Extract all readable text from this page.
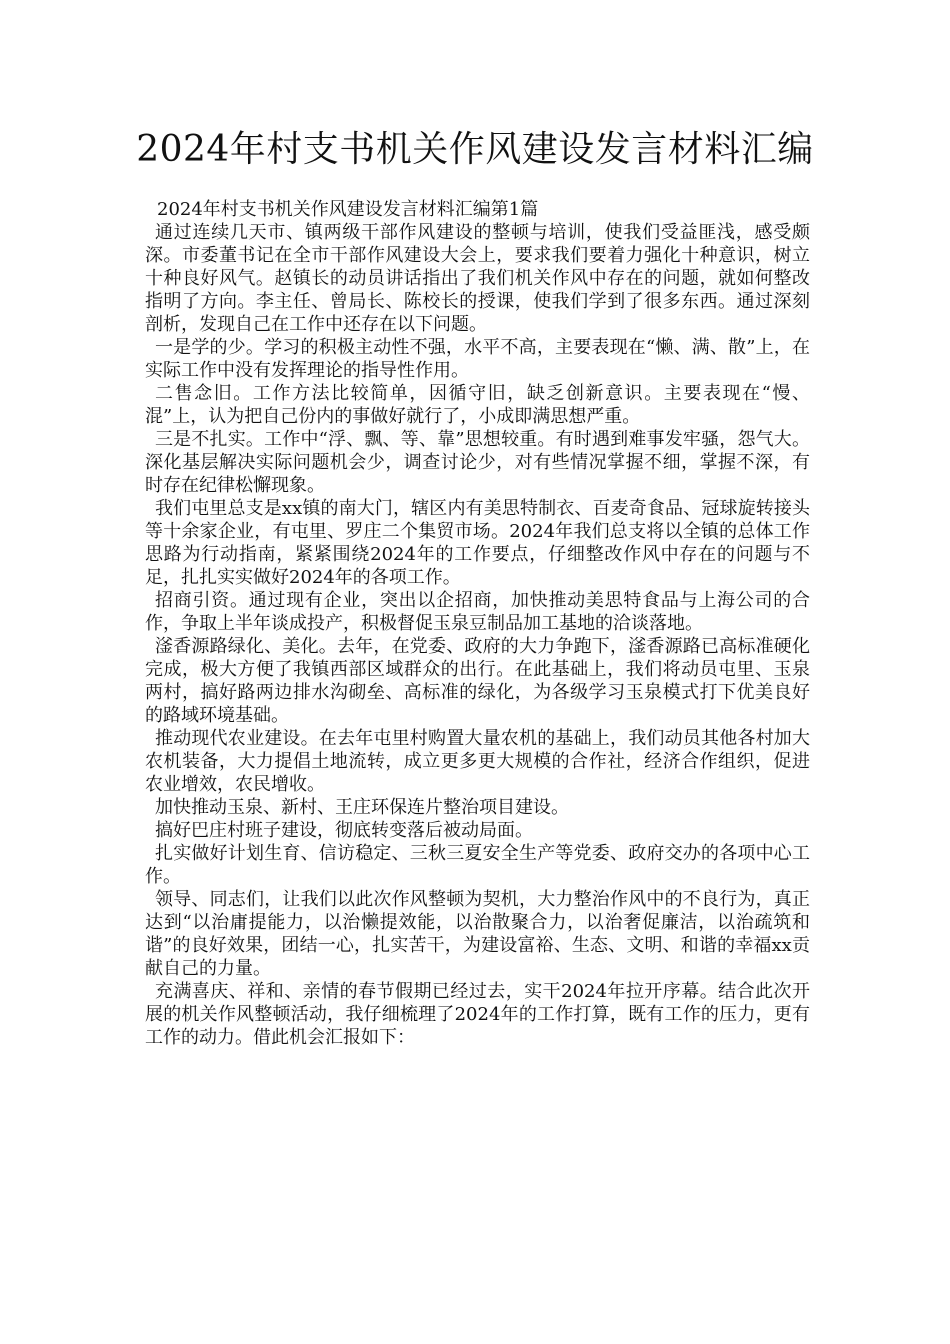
2024年村支书机关作风建设发言材料汇编
2024年村支书机关作风建设发言材料汇编第1篇

通过连续几天市、镇两级干部作风建设的整顿与培训，使我们受益匪浅，感受颇深。市委董书记在全市干部作风建设大会上，要求我们要着力强化十种意识，树立十种良好风气。赵镇长的动员讲话指出了我们机关作风中存在的问题，就如何整改指明了方向。李主任、曾局长、陈校长的授课，使我们学到了很多东西。通过深刻剖析，发现自己在工作中还存在以下问题。

一是学的少。学习的积极主动性不强，水平不高，主要表现在“懒、满、散”上，在实际工作中没有发挥理论的指导性作用。

二售念旧。工作方法比较简单，因循守旧，缺乏创新意识。主要表现在“慢、混”上，认为把自己份内的事做好就行了，小成即满思想严重。

三是不扎实。工作中“浮、飘、等、靠”思想较重。有时遇到难事发牢骚，怨气大。深化基层解决实际问题机会少，调查讨论少，对有些情况掌握不细，掌握不深，有时存在纪律松懈现象。

我们屯里总支是xx镇的南大门，辖区内有美思特制衣、百麦奇食品、冠球旋转接头等十余家企业，有屯里、罗庄二个集贸市场。2024年我们总支将以全镇的总体工作思路为行动指南，紧紧围绕2024年的工作要点，仔细整改作风中存在的问题与不足，扎扎实实做好2024年的各项工作。

招商引资。通过现有企业，突出以企招商，加快推动美思特食品与上海公司的合作，争取上半年谈成投产，积极督促玉泉豆制品加工基地的洽谈落地。

滏香源路绿化、美化。去年，在党委、政府的大力争跑下，滏香源路已高标准硬化完成，极大方便了我镇西部区域群众的出行。在此基础上，我们将动员屯里、玉泉两村，搞好路两边排水沟砌垒、高标准的绿化，为各级学习玉泉模式打下优美良好的路域环境基础。

推动现代农业建设。在去年屯里村购置大量农机的基础上，我们动员其他各村加大农机装备，大力提倡土地流转，成立更多更大规模的合作社，经济合作组织，促进农业增效，农民增收。

加快推动玉泉、新村、王庄环保连片整治项目建设。

搞好巴庄村班子建设，彻底转变落后被动局面。

扎实做好计划生育、信访稳定、三秋三夏安全生产等党委、政府交办的各项中心工作。

领导、同志们，让我们以此次作风整顿为契机，大力整治作风中的不良行为，真正达到“以治庸提能力，以治懒提效能，以治散聚合力，以治奢促廉洁，以治疏筑和谐”的良好效果，团结一心，扎实苦干，为建设富裕、生态、文明、和谐的幸福xx贡献自己的力量。

充满喜庆、祥和、亲情的春节假期已经过去，实干2024年拉开序幕。结合此次开展的机关作风整顿活动，我仔细梳理了2024年的工作打算，既有工作的压力，更有工作的动力。借此机会汇报如下：
